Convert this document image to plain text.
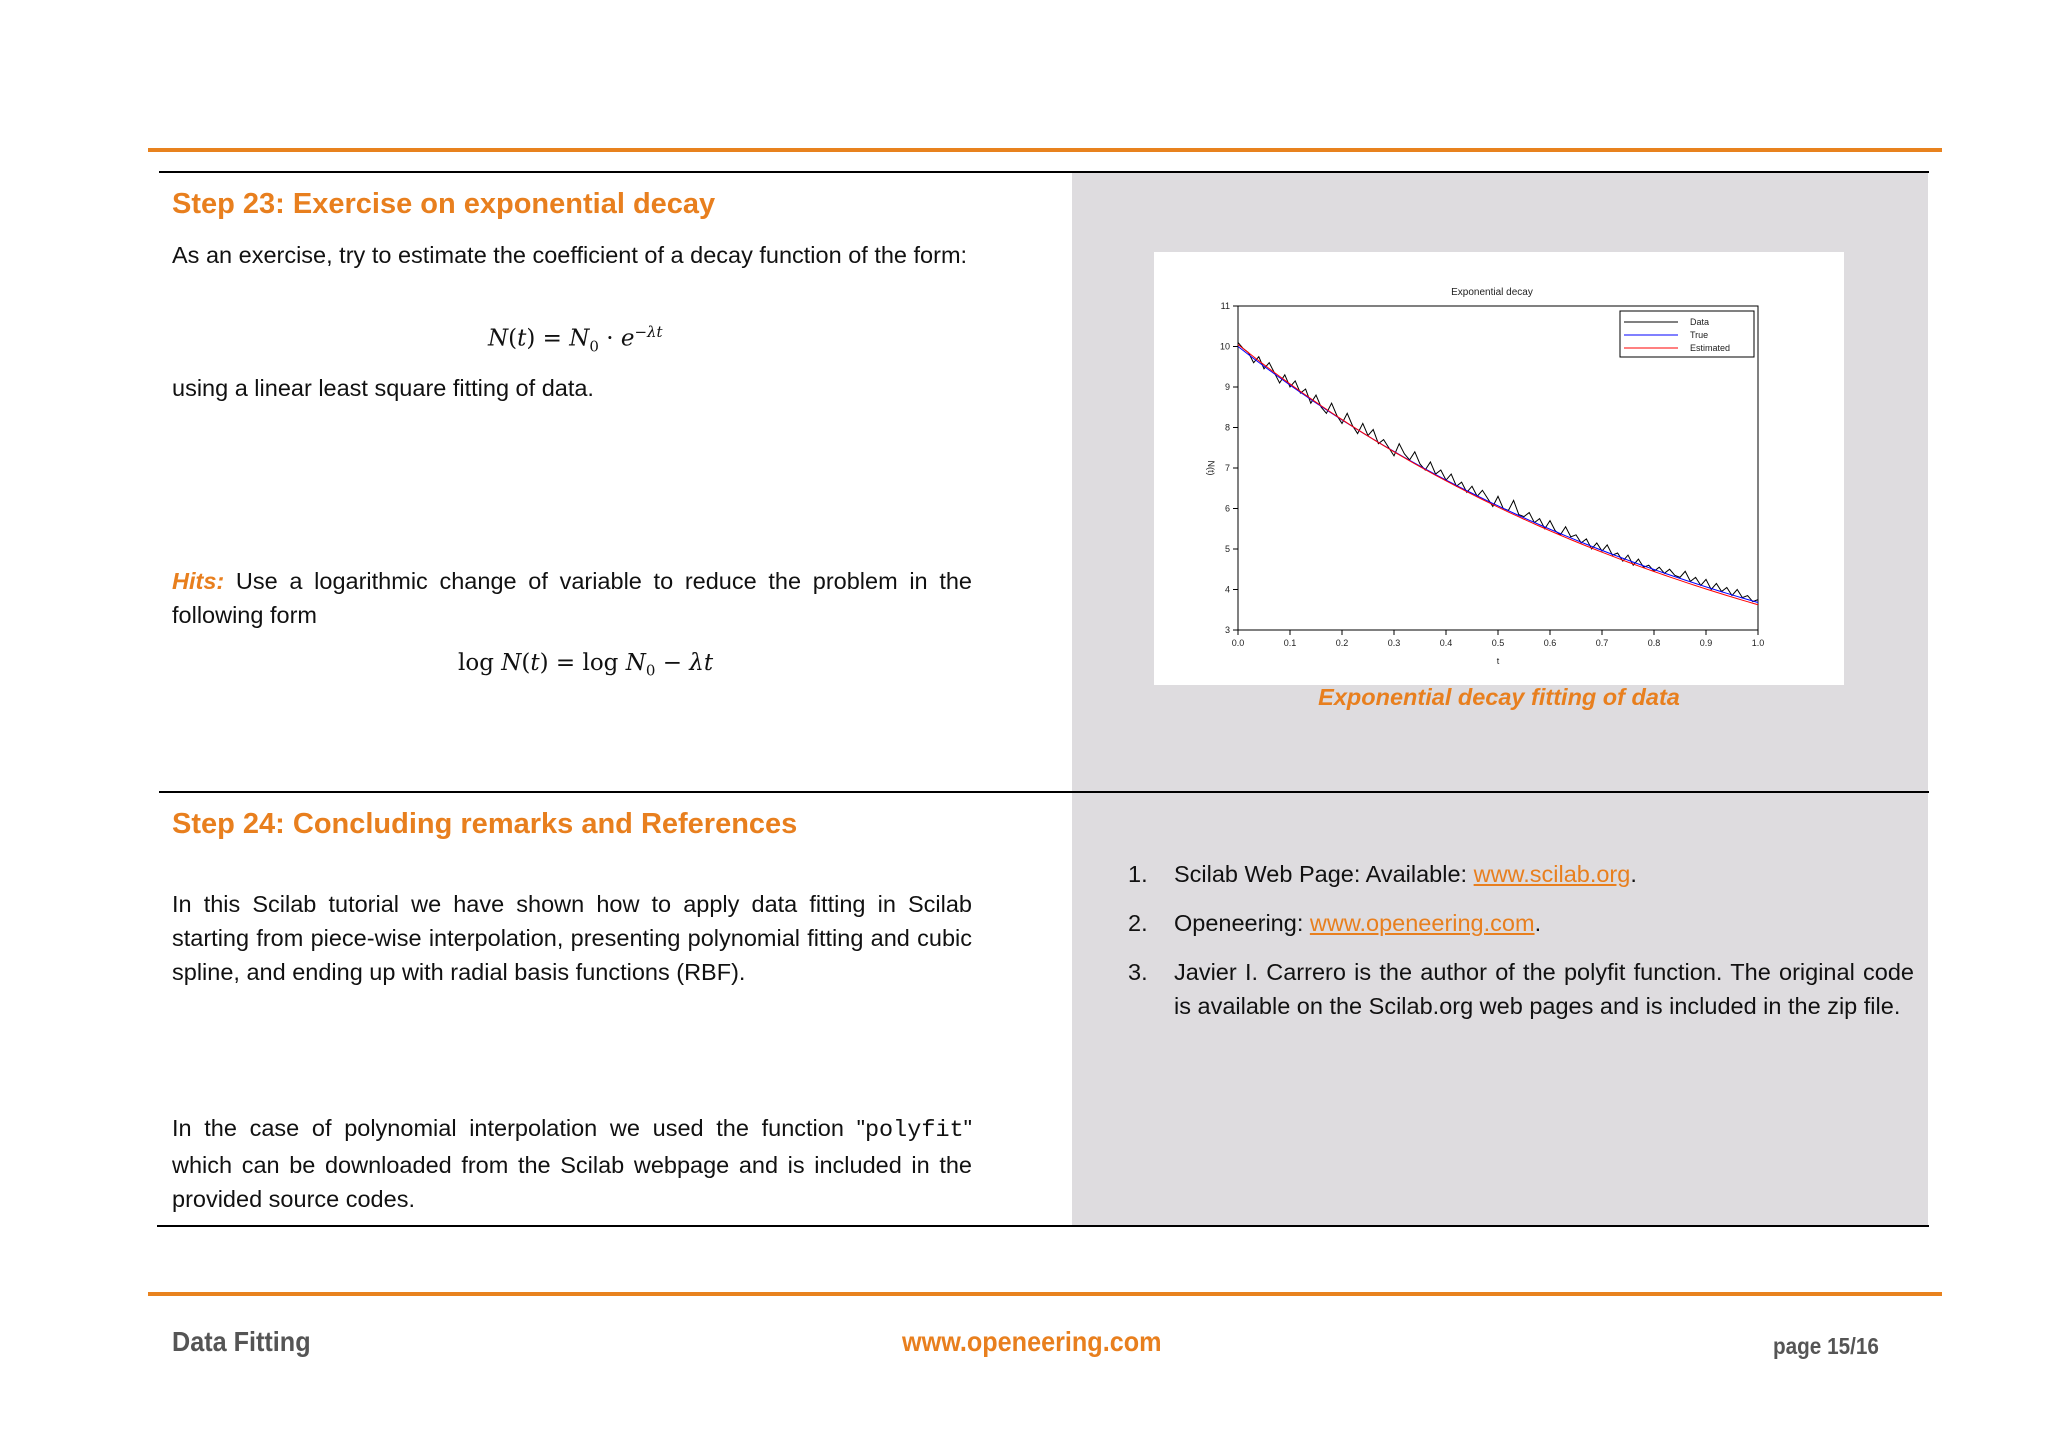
Step 23: Exercise on exponential decay

As an exercise, try to estimate the coefficient of a decay function of the form:

$N(t) = N_0 \cdot e^{-\lambda t}$

using a linear least square fitting of data.

Hits: Use a logarithmic change of variable to reduce the problem in the following form

$\log N(t) = \log N_0 - \lambda t$
Exponential decay
N(t)
t
0.0	0.1	0.2	0.3	0.4	0.5	0.6	0.7	0.8	0.9	1.0
3
4
5
6
7
8
9
10
11
Data
True
Estimated
Exponential decay fitting of data
Step 24: Concluding remarks and References

In this Scilab tutorial we have shown how to apply data fitting in Scilab starting from piece-wise interpolation, presenting polynomial fitting and cubic spline, and ending up with radial basis functions (RBF).

In the case of polynomial interpolation we used the function "polyfit" which can be downloaded from the Scilab webpage and is included in the provided source codes.

1. Scilab Web Page: Available: www.scilab.org.
2. Openeering: www.openeering.com.
3. Javier I. Carrero is the author of the polyfit function. The original code is available on the Scilab.org web pages and is included in the zip file.
Data Fitting	www.openeering.com	page 15/16
